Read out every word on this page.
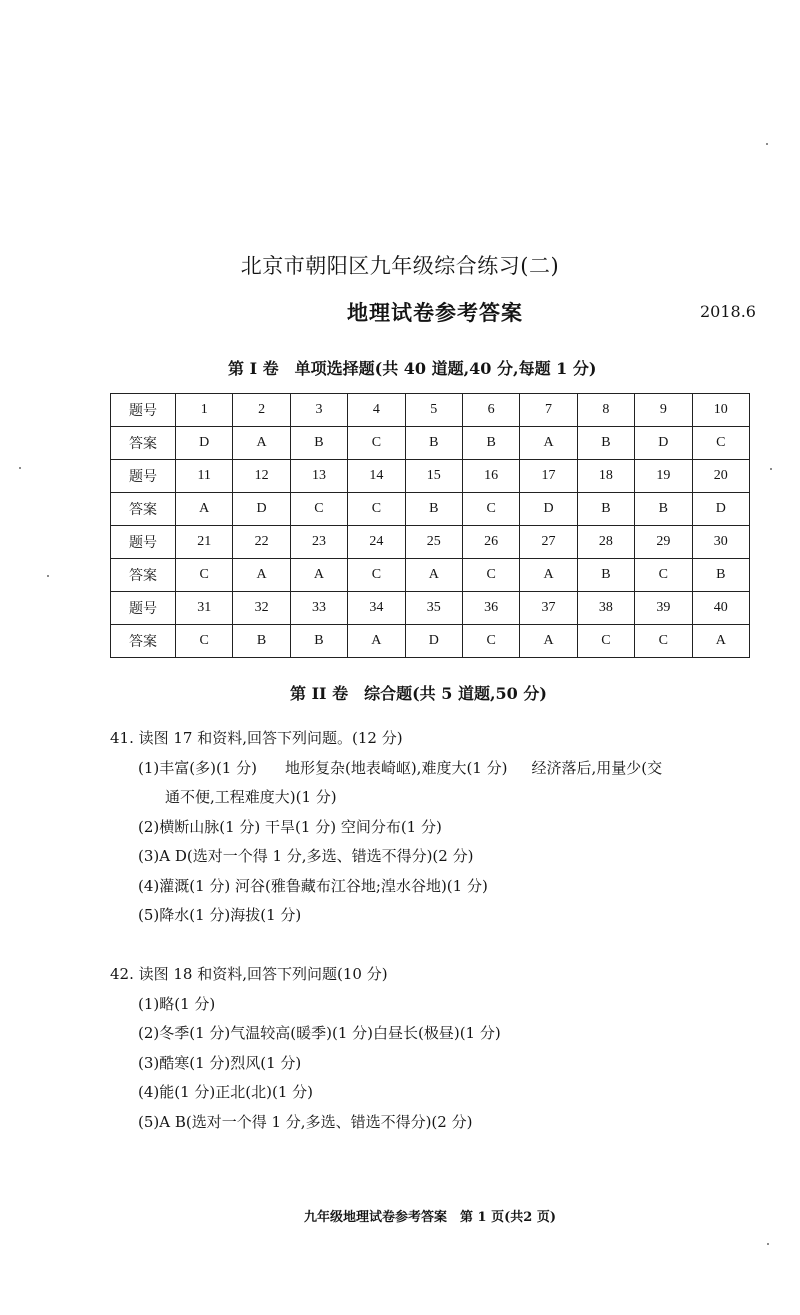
北京市朝阳区九年级综合练习(二)
地理试卷参考答案	2018.6
第 I 卷　单项选择题(共 40 道题,40 分,每题 1 分)
题号	1	2	3	4	5	6	7	8	9	10
答案	D	A	B	C	B	B	A	B	D	C
题号	11	12	13	14	15	16	17	18	19	20
答案	A	D	C	C	B	C	D	B	B	D
题号	21	22	23	24	25	26	27	28	29	30
答案	C	A	A	C	A	C	A	B	C	B
题号	31	32	33	34	35	36	37	38	39	40
答案	C	B	B	A	D	C	A	C	C	A
第 II 卷　综合题(共 5 道题,50 分)
41. 读图 17 和资料,回答下列问题。(12 分)
(1)丰富(多)(1 分) 地形复杂(地表崎岖),难度大(1 分) 经济落后,用量少(交
通不便,工程难度大)(1 分)
(2)横断山脉(1 分) 干旱(1 分) 空间分布(1 分)
(3)A D(选对一个得 1 分,多选、错选不得分)(2 分)
(4)灌溉(1 分) 河谷(雅鲁藏布江谷地;湟水谷地)(1 分)
(5)降水(1 分)海拔(1 分)
42. 读图 18 和资料,回答下列问题(10 分)
(1)略(1 分)
(2)冬季(1 分)气温较高(暖季)(1 分)白昼长(极昼)(1 分)
(3)酷寒(1 分)烈风(1 分)
(4)能(1 分)正北(北)(1 分)
(5)A B(选对一个得 1 分,多选、错选不得分)(2 分)
九年级地理试卷参考答案　第 1 页(共2 页)
